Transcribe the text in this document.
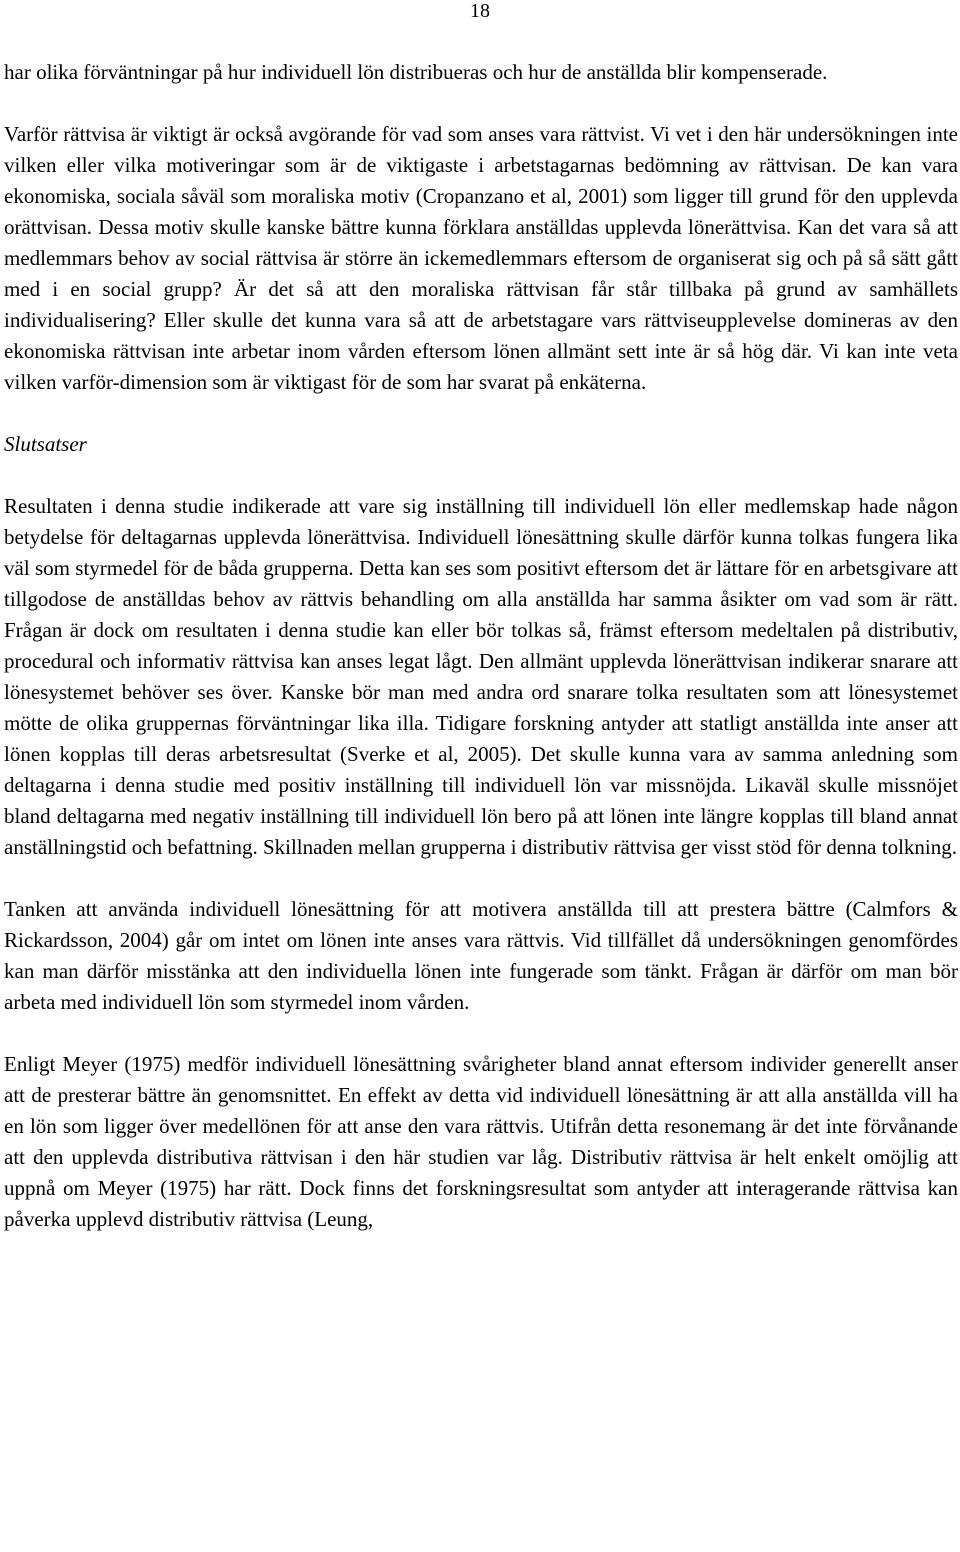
18

har olika förväntningar på hur individuell lön distribueras och hur de anställda blir kompenserade.

Varför rättvisa är viktigt är också avgörande för vad som anses vara rättvist. Vi vet i den här undersökningen inte vilken eller vilka motiveringar som är de viktigaste i arbetstagarnas bedömning av rättvisan. De kan vara ekonomiska, sociala såväl som moraliska motiv (Cropanzano et al, 2001) som ligger till grund för den upplevda orättvisan. Dessa motiv skulle kanske bättre kunna förklara anställdas upplevda lönerättvisa. Kan det vara så att medlemmars behov av social rättvisa är större än ickemedlemmars eftersom de organiserat sig och på så sätt gått med i en social grupp? Är det så att den moraliska rättvisan får står tillbaka på grund av samhällets individualisering? Eller skulle det kunna vara så att de arbetstagare vars rättviseupplevelse domineras av den ekonomiska rättvisan inte arbetar inom vården eftersom lönen allmänt sett inte är så hög där. Vi kan inte veta vilken varför-dimension som är viktigast för de som har svarat på enkäterna.

Slutsatser

Resultaten i denna studie indikerade att vare sig inställning till individuell lön eller medlemskap hade någon betydelse för deltagarnas upplevda lönerättvisa. Individuell lönesättning skulle därför kunna tolkas fungera lika väl som styrmedel för de båda grupperna. Detta kan ses som positivt eftersom det är lättare för en arbetsgivare att tillgodose de anställdas behov av rättvis behandling om alla anställda har samma åsikter om vad som är rätt. Frågan är dock om resultaten i denna studie kan eller bör tolkas så, främst eftersom medeltalen på distributiv, procedural och informativ rättvisa kan anses legat lågt. Den allmänt upplevda lönerättvisan indikerar snarare att lönesystemet behöver ses över. Kanske bör man med andra ord snarare tolka resultaten som att lönesystemet mötte de olika gruppernas förväntningar lika illa. Tidigare forskning antyder att statligt anställda inte anser att lönen kopplas till deras arbetsresultat (Sverke et al, 2005). Det skulle kunna vara av samma anledning som deltagarna i denna studie med positiv inställning till individuell lön var missnöjda. Likaväl skulle missnöjet bland deltagarna med negativ inställning till individuell lön bero på att lönen inte längre kopplas till bland annat anställningstid och befattning. Skillnaden mellan grupperna i distributiv rättvisa ger visst stöd för denna tolkning.

Tanken att använda individuell lönesättning för att motivera anställda till att prestera bättre (Calmfors & Rickardsson, 2004) går om intet om lönen inte anses vara rättvis. Vid tillfället då undersökningen genomfördes kan man därför misstänka att den individuella lönen inte fungerade som tänkt. Frågan är därför om man bör arbeta med individuell lön som styrmedel inom vården.

Enligt Meyer (1975) medför individuell lönesättning svårigheter bland annat eftersom individer generellt anser att de presterar bättre än genomsnittet. En effekt av detta vid individuell lönesättning är att alla anställda vill ha en lön som ligger över medellönen för att anse den vara rättvis. Utifrån detta resonemang är det inte förvånande att den upplevda distributiva rättvisan i den här studien var låg. Distributiv rättvisa är helt enkelt omöjlig att uppnå om Meyer (1975) har rätt. Dock finns det forskningsresultat som antyder att interagerande rättvisa kan påverka upplevd distributiv rättvisa (Leung,
